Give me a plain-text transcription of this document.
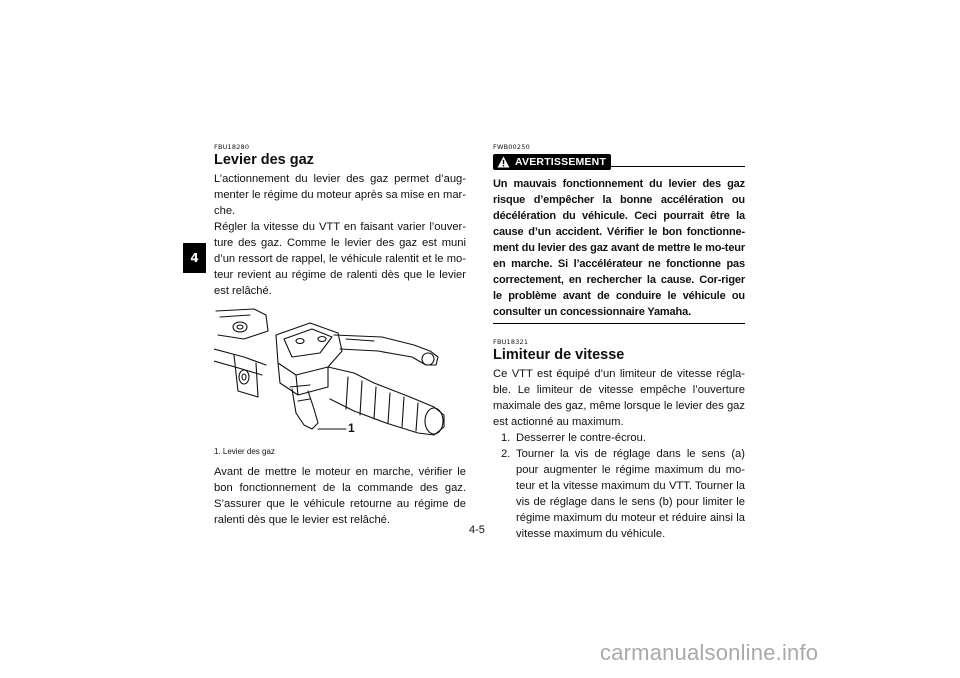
4
FBU18280
Levier des gaz

L’actionnement du levier des gaz permet d’aug-menter le régime du moteur après sa mise en mar-che.

Régler la vitesse du VTT en faisant varier l’ouver-ture des gaz. Comme le levier des gaz est muni d’un ressort de rappel, le véhicule ralentit et le mo-teur revient au régime de ralenti dès que le levier est relâché.

1
1. Levier des gaz

Avant de mettre le moteur en marche, vérifier le bon fonctionnement de la commande des gaz. S’assurer que le véhicule retourne au régime de ralenti dès que le levier est relâché.

FWB00250
AVERTISSEMENT
Un mauvais fonctionnement du levier des gaz risque d’empêcher la bonne accélération ou décélération du véhicule. Ceci pourrait être la cause d’un accident. Vérifier le bon fonctionne-ment du levier des gaz avant de mettre le mo-teur en marche. Si l’accélérateur ne fonctionne pas correctement, en rechercher la cause. Cor-riger le problème avant de conduire le véhicule ou consulter un concessionnaire Yamaha.
FBU18321
Limiteur de vitesse

Ce VTT est équipé d’un limiteur de vitesse régla-ble. Le limiteur de vitesse empêche l’ouverture maximale des gaz, même lorsque le levier des gaz est actionné au maximum.

1. Desserrer le contre-écrou.
2. Tourner la vis de réglage dans le sens (a) pour augmenter le régime maximum du mo-teur et la vitesse maximum du VTT. Tourner la vis de réglage dans le sens (b) pour limiter le régime maximum du moteur et réduire ainsi la vitesse maximum du véhicule.
4-5
carmanualsonline.info
